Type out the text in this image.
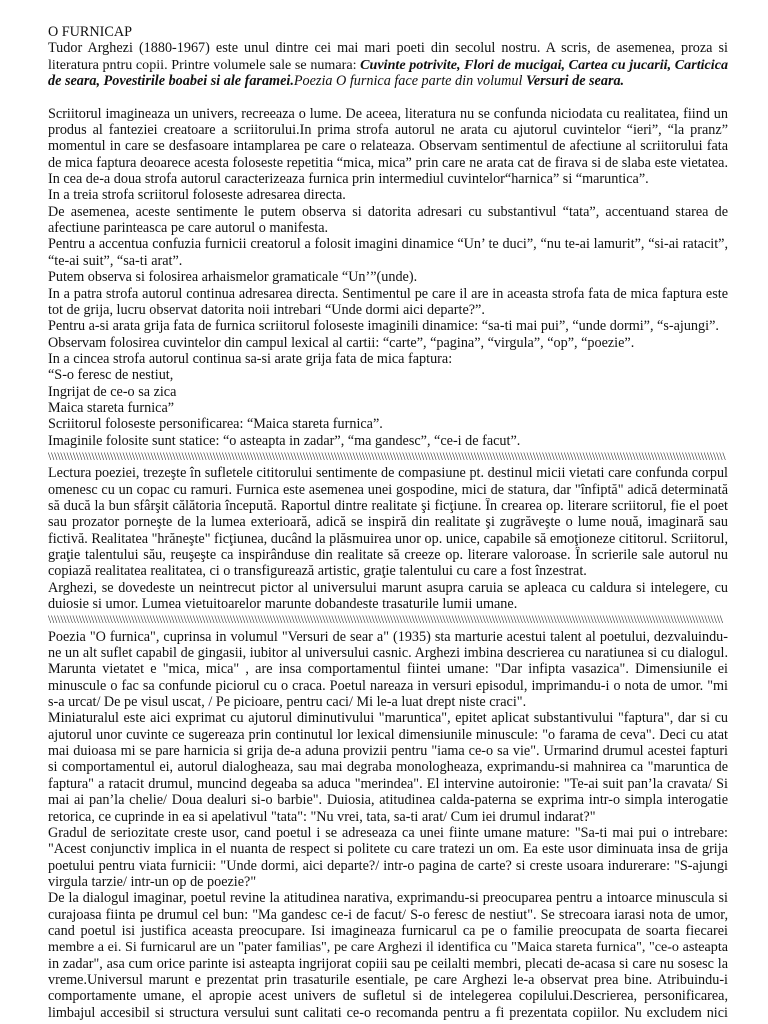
O FURNICAP
Tudor Arghezi (1880-1967) este unul dintre cei mai mari poeti din secolul nostru. A scris, de asemenea, proza si
literatura pntru copii. Printre volumele sale se numara: Cuvinte potrivite, Flori de mucigai, Cartea cu jucarii, Carticica
de seara, Povestirile boabei si ale faramei.Poezia O furnica face parte din volumul Versuri de seara.

Scriitorul imagineaza un univers, recreeaza o lume. De aceea, literatura nu se confunda niciodata cu realitatea, fiind un
produs al fanteziei creatoare a scriitorului.In prima strofa autorul ne arata cu ajutorul cuvintelor “ieri”, “la pranz”
momentul in care se desfasoare intamplarea pe care o relateaza. Observam sentimentul de afectiune al scriitorului fata
de mica faptura deoarece acesta foloseste repetitia “mica, mica” prin care ne arata cat de firava si de slaba este vietatea.
In cea de-a doua strofa autorul caracterizeaza furnica prin intermediul cuvintelor“harnica” si “maruntica”.
In a treia strofa scriitorul foloseste adresarea directa.
De asemenea, aceste sentimente le putem observa si datorita adresari cu substantivul “tata”, accentuand starea de
afectiune parinteasca pe care autorul o manifesta.
Pentru a accentua confuzia furnicii creatorul a folosit imagini dinamice “Un’ te duci”, “nu te-ai lamurit”, “si-ai ratacit”,
“te-ai suit”, “sa-ti arat”.
Putem observa si folosirea arhaismelor gramaticale “Un’”(unde).
In a patra strofa autorul continua adresarea directa. Sentimentul pe care il are in aceasta strofa fata de mica faptura este
tot de grija, lucru observat datorita noii intrebari “Unde dormi aici departe?”.
Pentru a-si arata grija fata de furnica scriitorul foloseste imaginili dinamice: “sa-ti mai pui”, “unde dormi”, “s-ajungi”.
Observam folosirea cuvintelor din campul lexical al cartii: “carte”, “pagina”, “virgula”, “op”, “poezie”.
In a cincea strofa autorul continua sa-si arate grija fata de mica faptura:
“S-o feresc de nestiut,
Ingrijat de ce-o sa zica
Maica stareta furnica”
Scriitorul foloseste personificarea: “Maica stareta furnica”.
Imaginile folosite sunt statice: “o asteapta in zadar”, “ma gandesc”, “ce-i de facut”.
\\\\\\\\\\\\\\\\\\\\\\\\\\\\\\\\\\\\\\\\\\\\\\\\\\\\\\\\\\\\\\\\\\\\\\\\\\\\\\\\\\\\\\\\\\\\\\\\\\\\\\\\\\\\\\\\\\\\\\\\\\\\\\\\\\\\\\\\\\\\\\\\\\\\\\\\\\\\\\\\\\\\\\\\\\\\\\\\\\\\\\\\\\\\\\\\\\\\\\\\\\\\\\\\\\\\\\\\\\
Lectura poeziei, trezeşte în sufletele cititorului sentimente de compasiune pt. destinul micii vietati care confunda corpul
omenesc cu un copac cu ramuri. Furnica este asemenea unei gospodine, mici de statura, dar "înfiptă" adică determinată
să ducă la bun sfârşit călătoria începută. Raportul dintre realitate şi ficţiune. În crearea op. literare scriitorul, fie el poet
sau prozator porneşte de la lumea exterioară, adică se inspiră din realitate şi zugrăveşte o lume nouă, imaginară sau
fictivă. Realitatea "hrăneşte" ficţiunea, ducând la plăsmuirea unor op. unice, capabile să emoţioneze cititorul. Scriitorul,
graţie talentului său, reuşeşte ca inspirânduse din realitate să creeze op. literare valoroase. În scrierile sale autorul nu
copiază realitatea realitatea, ci o transfigurează artistic, graţie talentului cu care a fost înzestrat.
Arghezi, se dovedeste un neintrecut pictor al universului marunt asupra caruia se apleaca cu caldura si intelegere, cu
duiosie si umor. Lumea vietuitoarelor marunte dobandeste trasaturile lumii umane.
\\\\\\\\\\\\\\\\\\\\\\\\\\\\\\\\\\\\\\\\\\\\\\\\\\\\\\\\\\\\\\\\\\\\\\\\\\\\\\\\\\\\\\\\\\\\\\\\\\\\\\\\\\\\\\\\\\\\\\\\\\\\\\\\\\\\\\\\\\\\\\\\\\\\\\\\\\\\\\\\\\\\\\\\\\\\\\\\\\\\\\\\\\\\\\\\\\\\\\\\\\\\\\\\\\\\\\\\\\\
Poezia "O furnica", cuprinsa in volumul "Versuri de sear a" (1935) sta marturie acestui talent al poetului, dezvaluindu-
ne un alt suflet capabil de gingasii, iubitor al universului casnic. Arghezi imbina descrierea cu naratiunea si cu dialogul.
Marunta vietatet e "mica, mica" , are insa comportamentul fiintei umane: "Dar infipta vasazica". Dimensiunile ei
minuscule o fac sa confunde piciorul cu o craca. Poetul nareaza in versuri episodul, imprimandu-i o nota de umor. "mi
s-a urcat/ De pe visul uscat, / Pe picioare, pentru caci/ Mi le-a luat drept niste craci".
Miniaturalul este aici exprimat cu ajutorul diminutivului "maruntica", epitet aplicat substantivului "faptura", dar si cu
ajutorul unor cuvinte ce sugereaza prin continutul lor lexical dimensiunile minuscule: "o farama de ceva". Deci cu atat
mai duioasa mi se pare harnicia si grija de-a aduna provizii pentru "iama ce-o sa vie". Urmarind drumul acestei fapturi
si comportamentul ei, autorul dialogheaza, sau mai degraba monologheaza, exprimandu-si mahnirea ca "maruntica de
faptura" a ratacit drumul, muncind degeaba sa aduca "merindea". El intervine autoironie: "Te-ai suit pan’la cravata/ Si
mai ai pan’la chelie/ Doua dealuri si-o barbie". Duiosia, atitudinea calda-paterna se exprima intr-o simpla interogatie
retorica, ce cuprinde in ea si apelativul "tata": "Nu vrei, tata, sa-ti arat/ Cum iei drumul indarat?"
Gradul de seriozitate creste usor, cand poetul i se adreseaza ca unei fiinte umane mature: "Sa-ti mai pui o intrebare:
"Acest conjunctiv implica in el nuanta de respect si politete cu care tratezi un om. Ea este usor diminuata insa de grija
poetului pentru viata furnicii: "Unde dormi, aici departe?/ intr-o pagina de carte? si creste usoara indurerare: "S-ajungi
virgula tarzie/ intr-un op de poezie?"
De la dialogul imaginar, poetul revine la atitudinea narativa, exprimandu-si preocuparea pentru a intoarce minuscula si
curajoasa fiinta pe drumul cel bun: "Ma gandesc ce-i de facut/ S-o feresc de nestiut". Se strecoara iarasi nota de umor,
cand poetul isi justifica aceasta preocupare. Isi imagineaza furnicarul ca pe o familie preocupata de soarta fiecarei
membre a ei. Si furnicarul are un "pater familias", pe care Arghezi il identifica cu "Maica stareta furnica", "ce-o asteapta
in zadar", asa cum orice parinte isi asteapta ingrijorat copiii sau pe ceilalti membri, plecati de-acasa si care nu sosesc la
vreme.Universul marunt e prezentat prin trasaturile esentiale, pe care Arghezi le-a observat prea bine. Atribuindu-i
comportamente umane, el apropie acest univers de sufletul si de intelegerea copilului.Descrierea, personificarea,
limbajul accesibil si structura versului sunt calitati ce-o recomanda pentru a fi prezentata copiilor. Nu excludem nici
